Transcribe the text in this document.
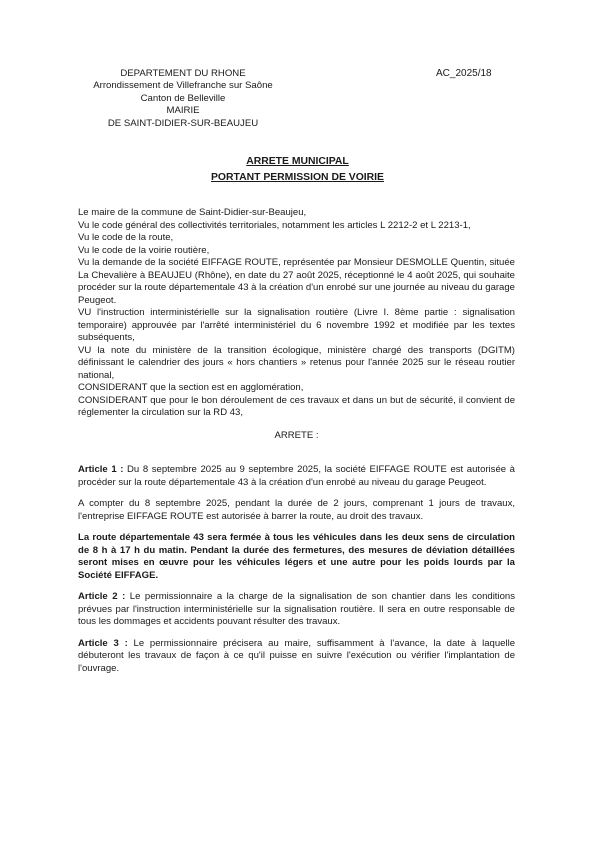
DEPARTEMENT DU RHONE
Arrondissement de Villefranche sur Saône
Canton de Belleville
MAIRIE
DE SAINT-DIDIER-SUR-BEAUJEU
AC_2025/18
ARRETE MUNICIPAL
PORTANT PERMISSION DE VOIRIE

Le maire de la commune de Saint-Didier-sur-Beaujeu,

Vu le code général des collectivités territoriales, notamment les articles L 2212-2 et L 2213-1,

Vu le code de la route,

Vu le code de la voirie routière,

Vu la demande de la société EIFFAGE ROUTE, représentée par Monsieur DESMOLLE Quentin, située La Chevalière à BEAUJEU (Rhône), en date du 27 août 2025, réceptionné le 4 août 2025, qui souhaite procéder sur la route départementale 43 à la création d'un enrobé sur une journée au niveau du garage Peugeot.

VU l'instruction interministérielle sur la signalisation routière (Livre I. 8ème partie : signalisation temporaire) approuvée par l'arrêté interministériel du 6 novembre 1992 et modifiée par les textes subséquents,

VU la note du ministère de la transition écologique, ministère chargé des transports (DGITM) définissant le calendrier des jours « hors chantiers » retenus pour l'année 2025 sur le réseau routier national,

CONSIDERANT que la section est en agglomération,

CONSIDERANT que pour le bon déroulement de ces travaux et dans un but de sécurité, il convient de réglementer la circulation sur la RD 43,

ARRETE :

Article 1 : Du 8 septembre 2025 au 9 septembre 2025, la société EIFFAGE ROUTE est autorisée à procéder sur la route départementale 43 à la création d'un enrobé au niveau du garage Peugeot.

A compter du 8 septembre 2025, pendant la durée de 2 jours, comprenant 1 jours de travaux, l'entreprise EIFFAGE ROUTE est autorisée à barrer la route, au droit des travaux.

La route départementale 43 sera fermée à tous les véhicules dans les deux sens de circulation de 8 h à 17 h du matin. Pendant la durée des fermetures, des mesures de déviation détaillées seront mises en œuvre pour les véhicules légers et une autre pour les poids lourds par la Société EIFFAGE.

Article 2 : Le permissionnaire a la charge de la signalisation de son chantier dans les conditions prévues par l'instruction interministérielle sur la signalisation routière. Il sera en outre responsable de tous les dommages et accidents pouvant résulter des travaux.

Article 3 : Le permissionnaire précisera au maire, suffisamment à l'avance, la date à laquelle débuteront les travaux de façon à ce qu'il puisse en suivre l'exécution ou vérifier l'implantation de l'ouvrage.
